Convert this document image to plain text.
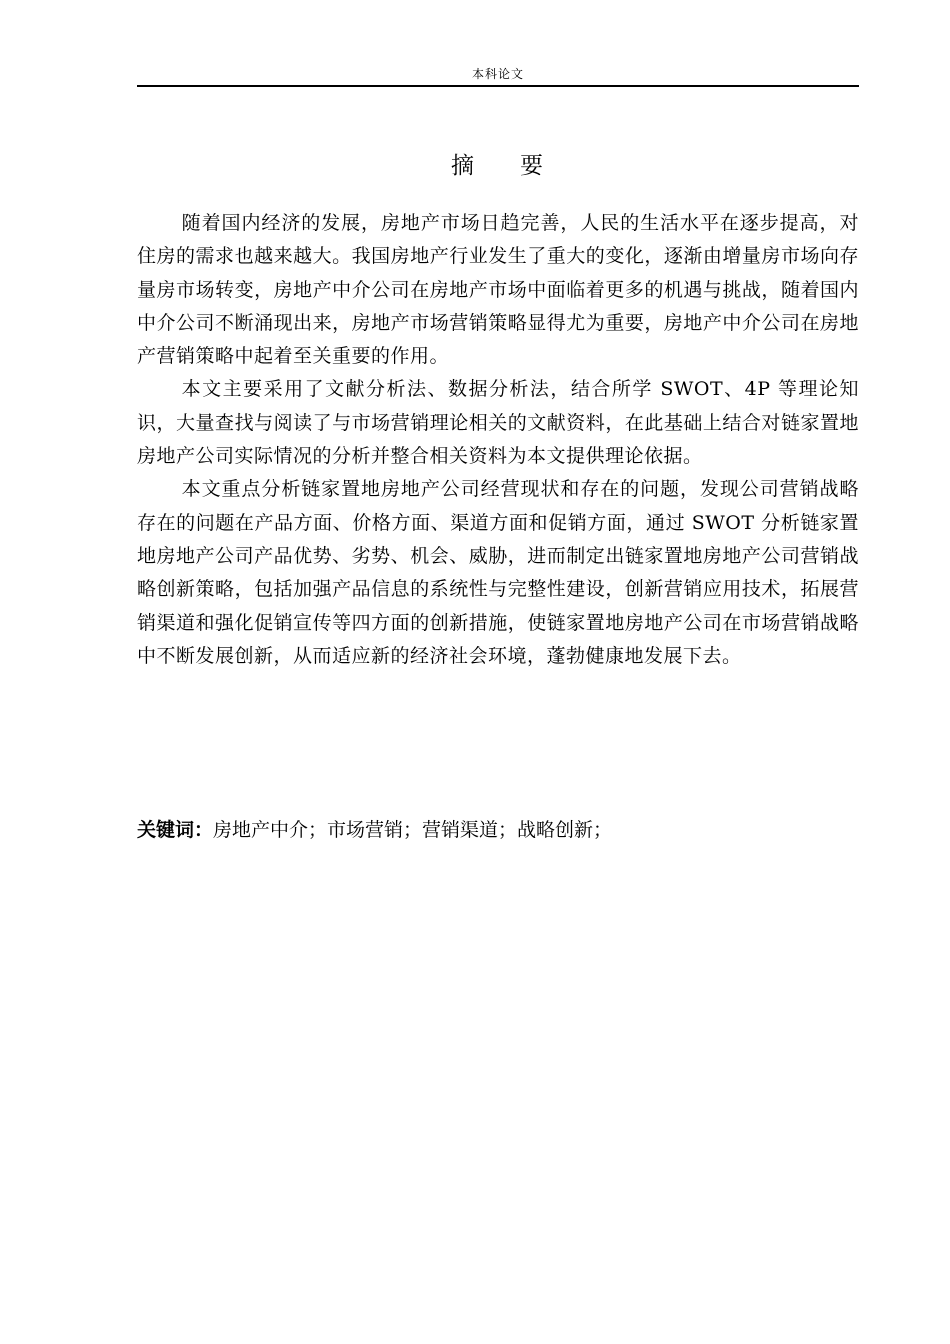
本科论文
摘 要

随着国内经济的发展，房地产市场日趋完善，人民的生活水平在逐步提高，对住房的需求也越来越大。我国房地产行业发生了重大的变化，逐渐由增量房市场向存量房市场转变，房地产中介公司在房地产市场中面临着更多的机遇与挑战，随着国内中介公司不断涌现出来，房地产市场营销策略显得尤为重要，房地产中介公司在房地产营销策略中起着至关重要的作用。

本文主要采用了文献分析法、数据分析法，结合所学 SWOT、4P 等理论知识，大量查找与阅读了与市场营销理论相关的文献资料，在此基础上结合对链家置地房地产公司实际情况的分析并整合相关资料为本文提供理论依据。

本文重点分析链家置地房地产公司经营现状和存在的问题，发现公司营销战略存在的问题在产品方面、价格方面、渠道方面和促销方面，通过 SWOT 分析链家置地房地产公司产品优势、劣势、机会、威胁，进而制定出链家置地房地产公司营销战略创新策略，包括加强产品信息的系统性与完整性建设，创新营销应用技术，拓展营销渠道和强化促销宣传等四方面的创新措施，使链家置地房地产公司在市场营销战略中不断发展创新，从而适应新的经济社会环境，蓬勃健康地发展下去。

关键词：房地产中介；市场营销；营销渠道；战略创新；
